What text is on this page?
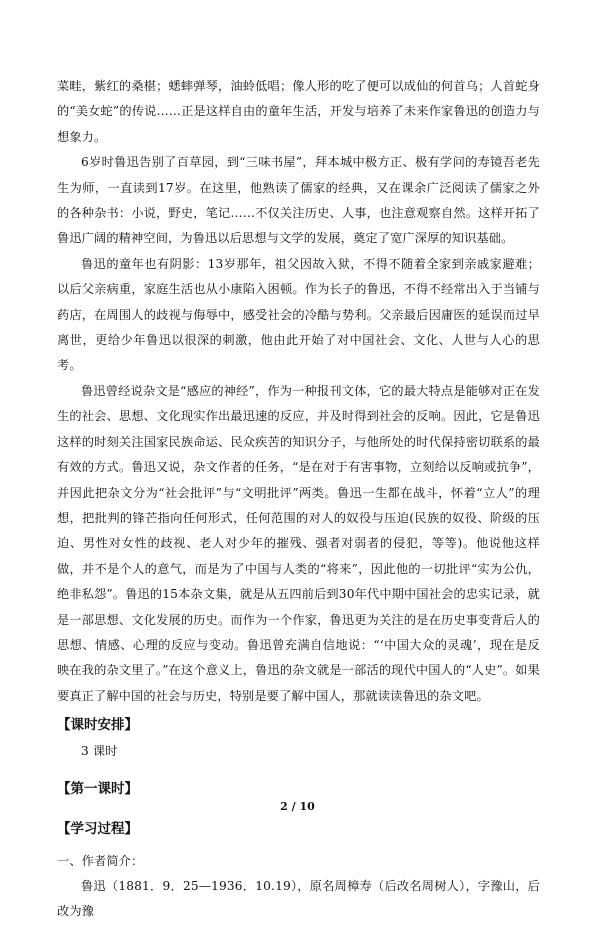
菜畦，紫红的桑椹；蟋蟀弹琴，油蛉低唱；像人形的吃了便可以成仙的何首乌；人首蛇身的“美女蛇”的传说……正是这样自由的童年生活，开发与培养了未来作家鲁迅的创造力与想象力。

6岁时鲁迅告别了百草园，到“三味书屋”，拜本城中极方正、极有学问的寿镜吾老先生为师，一直读到17岁。在这里，他熟读了儒家的经典，又在课余广泛阅读了儒家之外的各种杂书：小说，野史，笔记……不仅关注历史、人事，也注意观察自然。这样开拓了鲁迅广阔的精神空间，为鲁迅以后思想与文学的发展，奠定了宽广深厚的知识基础。

鲁迅的童年也有阴影：13岁那年，祖父因故入狱，不得不随着全家到亲戚家避难；以后父亲病重，家庭生活也从小康陷入困顿。作为长子的鲁迅，不得不经常出入于当铺与药店，在周围人的歧视与侮辱中，感受社会的冷酷与势利。父亲最后因庸医的延误而过早离世，更给少年鲁迅以很深的刺激，他由此开始了对中国社会、文化、人世与人心的思考。

鲁迅曾经说杂文是“感应的神经”，作为一种报刊文体，它的最大特点是能够对正在发生的社会、思想、文化现实作出最迅速的反应，并及时得到社会的反响。因此，它是鲁迅这样的时刻关注国家民族命运、民众疾苦的知识分子，与他所处的时代保持密切联系的最有效的方式。鲁迅又说，杂文作者的任务，“是在对于有害事物，立刻给以反响或抗争”，并因此把杂文分为“社会批评”与“文明批评”两类。鲁迅一生都在战斗，怀着“立人”的理想，把批判的锋芒指向任何形式，任何范围的对人的奴役与压迫(民族的奴役、阶级的压迫、男性对女性的歧视、老人对少年的摧残、强者对弱者的侵犯，等等)。他说他这样做，并不是个人的意气，而是为了中国与人类的“将来”，因此他的一切批评“实为公仇，绝非私怨”。鲁迅的15本杂文集，就是从五四前后到30年代中期中国社会的忠实记录，就是一部思想、文化发展的历史。而作为一个作家，鲁迅更为关注的是在历史事变背后人的思想、情感、心理的反应与变动。鲁迅曾充满自信地说：“‘中国大众的灵魂’，现在是反映在我的杂文里了。”在这个意义上，鲁迅的杂文就是一部活的现代中国人的“人史”。如果要真正了解中国的社会与历史，特别是要了解中国人，那就读读鲁迅的杂文吧。

【课时安排】

3 课时

【第一课时】
【学习过程】

一、作者简介：

鲁迅（1881．9．25—1936．10.19），原名周樟寿（后改名周树人），字豫山，后改为豫

2 / 10
